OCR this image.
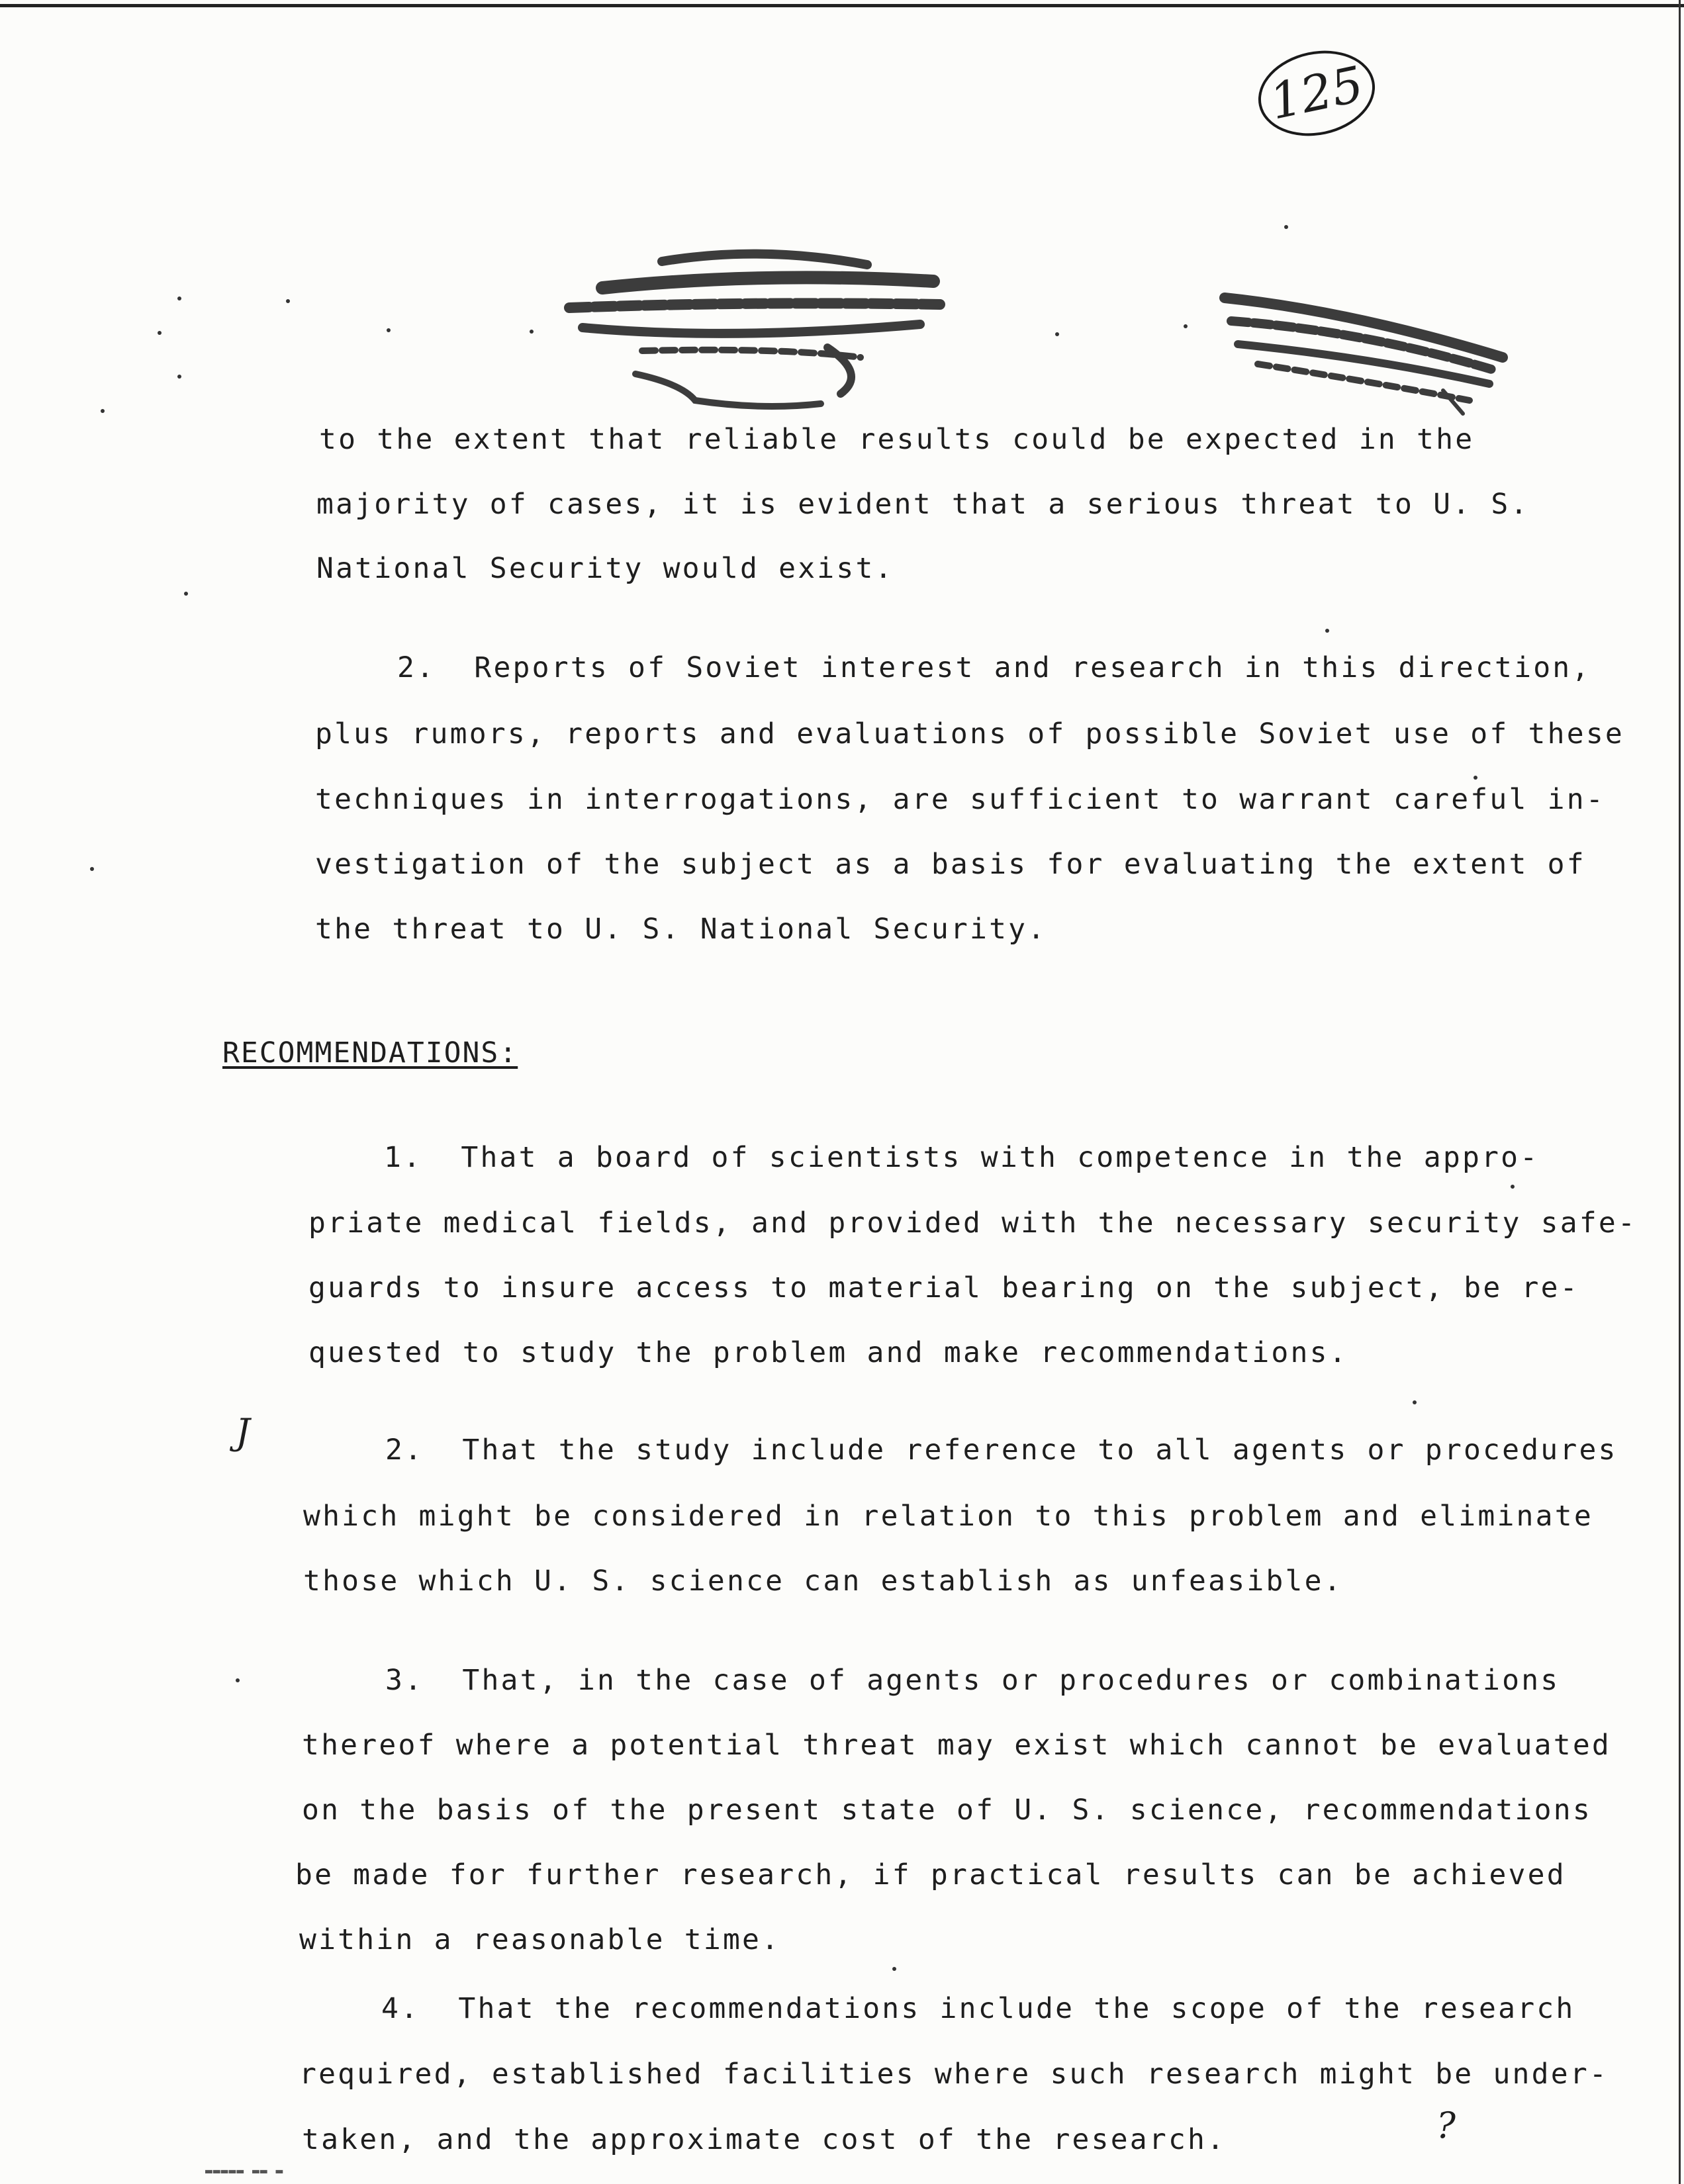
125
to the extent that reliable results could be expected in the
majority of cases, it is evident that a serious threat to U. S.
National Security would exist.
2.  Reports of Soviet interest and research in this direction,
plus rumors, reports and evaluations of possible Soviet use of these
techniques in interrogations, are sufficient to warrant careful in-
vestigation of the subject as a basis for evaluating the extent of
the threat to U. S. National Security.
RECOMMENDATIONS:
1.  That a board of scientists with competence in the appro-
priate medical fields, and provided with the necessary security safe-
guards to insure access to material bearing on the subject, be re-
quested to study the problem and make recommendations.
2.  That the study include reference to all agents or procedures
which might be considered in relation to this problem and eliminate
those which U. S. science can establish as unfeasible.
3.  That, in the case of agents or procedures or combinations
thereof where a potential threat may exist which cannot be evaluated
on the basis of the present state of U. S. science, recommendations
be made for further research, if practical results can be achieved
within a reasonable time.
4.  That the recommendations include the scope of the research
required, established facilities where such research might be under-
taken, and the approximate cost of the research.
J
?
▬▬▬▬▬ ▬▬ ▬
